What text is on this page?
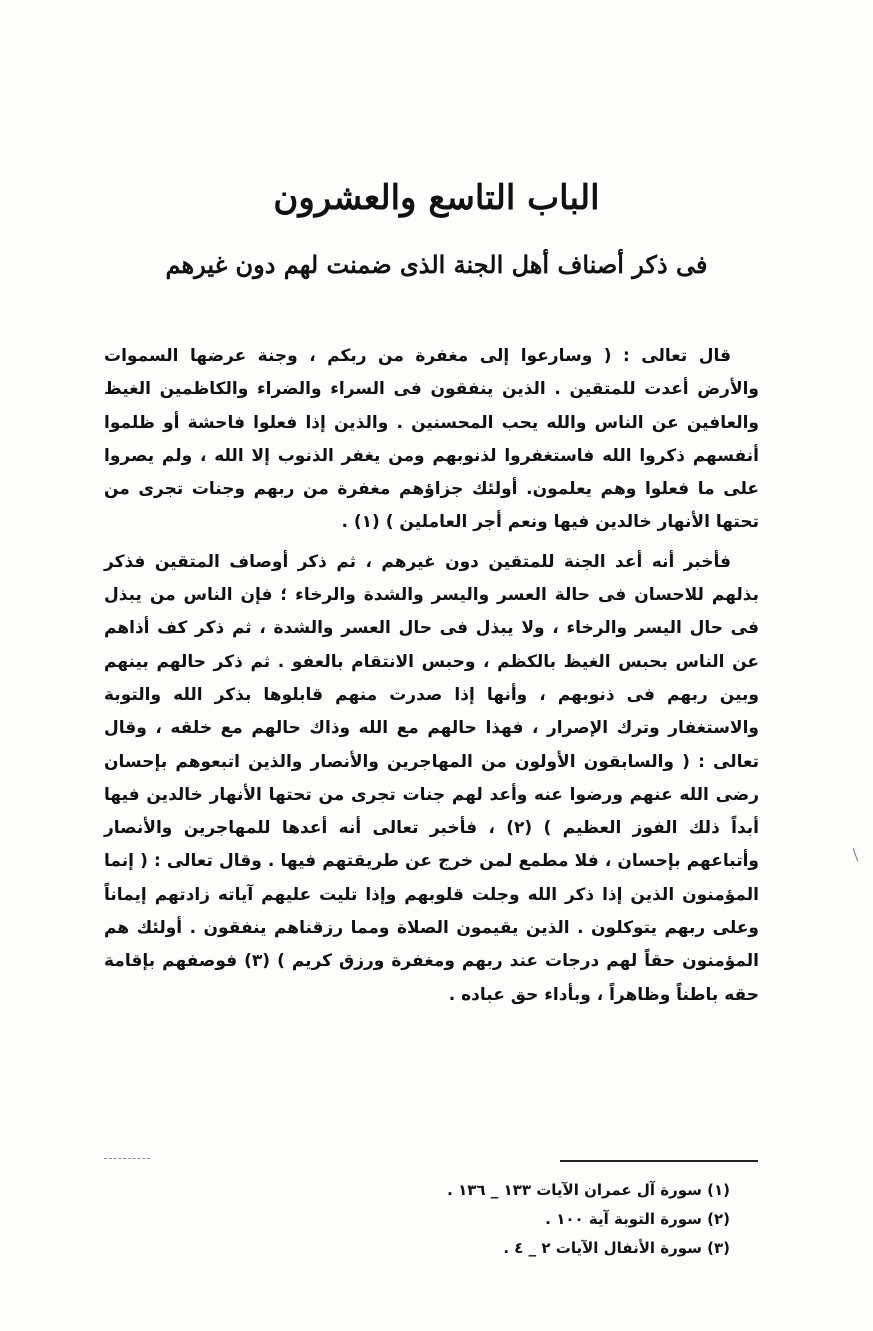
الباب التاسع والعشرون
فى ذكر أصناف أهل الجنة الذى ضمنت لهم دون غيرهم

قال تعالى : ( وسارعوا إلى مغفرة من ربكم ، وجنة عرضها السموات والأرض أعدت للمتقين . الذين ينفقون فى السراء والضراء والكاظمين الغيظ والعافين عن الناس والله يحب المحسنين . والذين إذا فعلوا فاحشة أو ظلموا أنفسهم ذكروا الله فاستغفروا لذنوبهم ومن يغفر الذنوب إلا الله ، ولم يصروا على ما فعلوا وهم يعلمون. أولئك جزاؤهم مغفرة من ربهم وجنات تجرى من تحتها الأنهار خالدين فيها ونعم أجر العاملين ) (١) .

فأخبر أنه أعد الجنة للمتقين دون غيرهم ، ثم ذكر أوصاف المتقين فذكر بذلهم للاحسان فى حالة العسر واليسر والشدة والرخاء ؛ فإن الناس من يبذل فى حال اليسر والرخاء ، ولا يبذل فى حال العسر والشدة ، ثم ذكر كف أذاهم عن الناس بحبس الغيظ بالكظم ، وحبس الانتقام بالعفو . ثم ذكر حالهم بينهم وبين ربهم فى ذنوبهم ، وأنها إذا صدرت منهم قابلوها بذكر الله والتوبة والاستغفار وترك الإصرار ، فهذا حالهم مع الله وذاك حالهم مع خلقه ، وقال تعالى : ( والسابقون الأولون من المهاجرين والأنصار والذين اتبعوهم بإحسان رضى الله عنهم ورضوا عنه وأعد لهم جنات تجرى من تحتها الأنهار خالدين فيها أبداً ذلك الفوز العظيم ) (٢) ، فأخبر تعالى أنه أعدها للمهاجرين والأنصار وأتباعهم بإحسان ، فلا مطمع لمن خرج عن طريقتهم فيها . وقال تعالى : ( إنما المؤمنون الذين إذا ذكر الله وجلت قلوبهم وإذا تليت عليهم آياته زادتهم إيماناً وعلى ربهم يتوكلون . الذين يقيمون الصلاة ومما رزقناهم ينفقون . أولئك هم المؤمنون حقاً لهم درجات عند ربهم ومغفرة ورزق كريم ) (٣) فوصفهم بإقامة حقه باطناً وظاهراً ، وبأداء حق عباده .

(١) سورة آل عمران الآيات ١٣٣ _ ١٣٦ .
(٢) سورة التوبة آية ١٠٠ .
(٣) سورة الأنفال الآيات ٢ _ ٤ .
